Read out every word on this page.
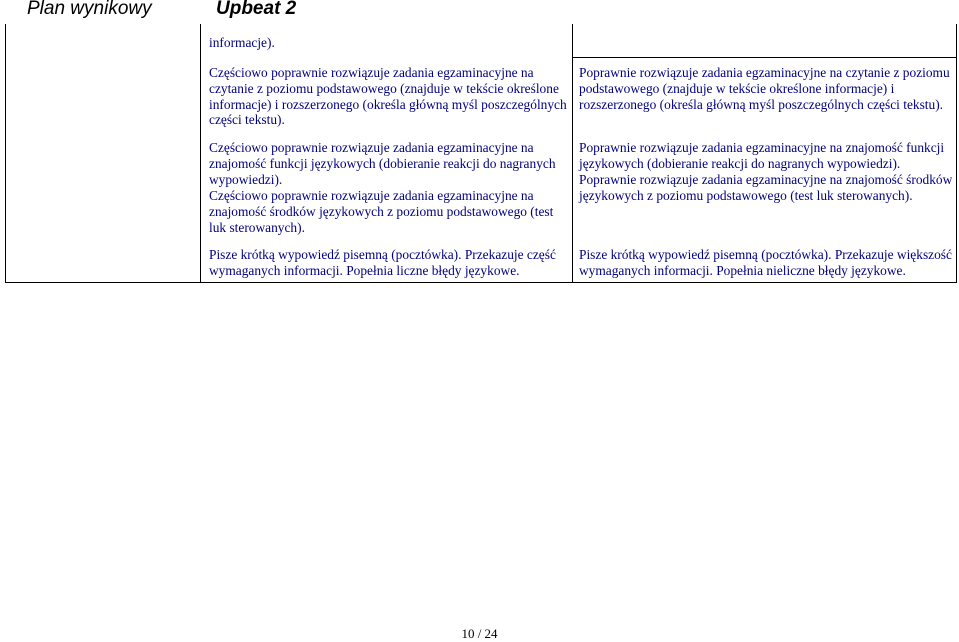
Plan wynikowy	Upbeat 2

informacje).

Częściowo poprawnie rozwiązuje zadania egzaminacyjne na czytanie z poziomu podstawowego (znajduje w tekście określone informacje) i rozszerzonego (określa główną myśl poszczególnych części tekstu).

Częściowo poprawnie rozwiązuje zadania egzaminacyjne na znajomość funkcji językowych (dobieranie reakcji do nagranych wypowiedzi).

Częściowo poprawnie rozwiązuje zadania egzaminacyjne na znajomość środków językowych z poziomu podstawowego (test luk sterowanych).

Pisze krótką wypowiedź pisemną (pocztówka). Przekazuje część wymaganych informacji. Popełnia liczne błędy językowe.

Poprawnie rozwiązuje zadania egzaminacyjne na czytanie z poziomu podstawowego (znajduje w tekście określone informacje) i rozszerzonego (określa główną myśl poszczególnych części tekstu).

Poprawnie rozwiązuje zadania egzaminacyjne na znajomość funkcji językowych (dobieranie reakcji do nagranych wypowiedzi).

Poprawnie rozwiązuje zadania egzaminacyjne na znajomość środków językowych z poziomu podstawowego (test luk sterowanych).

Pisze krótką wypowiedź pisemną (pocztówka). Przekazuje większość wymaganych informacji. Popełnia nieliczne błędy językowe.

10 / 24
